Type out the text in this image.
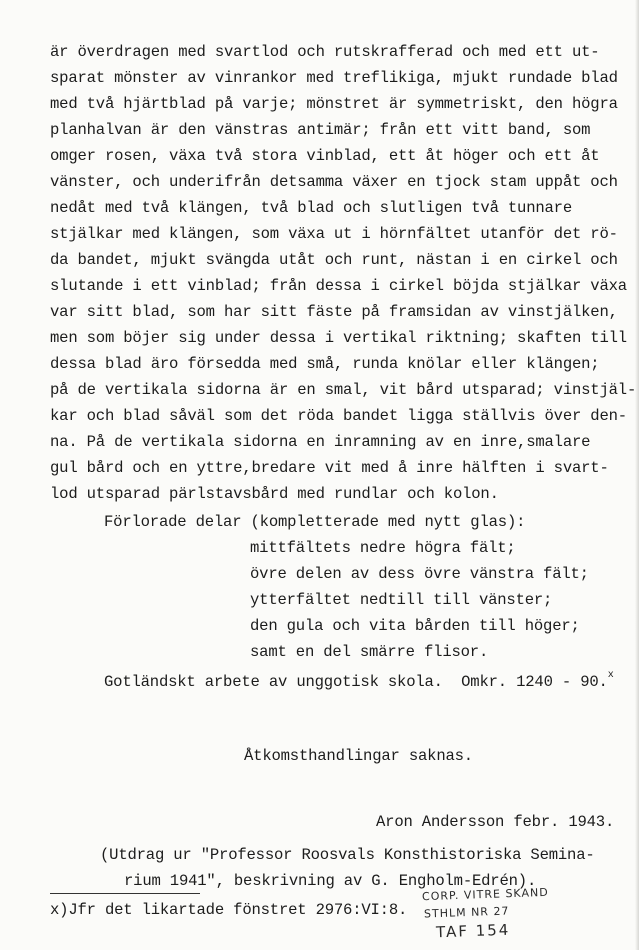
är överdragen med svartlod och rutskrafferad och med ett ut-
sparat mönster av vinrankor med treflikiga, mjukt rundade blad
med två hjärtblad på varje; mönstret är symmetriskt, den högra
planhalvan är den vänstras antimär; från ett vitt band, som
omger rosen, växa två stora vinblad, ett åt höger och ett åt
vänster, och underifrån detsamma växer en tjock stam uppåt och
nedåt med två klängen, två blad och slutligen två tunnare
stjälkar med klängen, som växa ut i hörnfältet utanför det rö-
da bandet, mjukt svängda utåt och runt, nästan i en cirkel och
slutande i ett vinblad; från dessa i cirkel böjda stjälkar växa
var sitt blad, som har sitt fäste på framsidan av vinstjälken,
men som böjer sig under dessa i vertikal riktning; skaften till
dessa blad äro försedda med små, runda knölar eller klängen;
på de vertikala sidorna är en smal, vit bård utsparad; vinstjäl-
kar och blad såväl som det röda bandet ligga ställvis över den-
na. På de vertikala sidorna en inramning av en inre,smalare
gul bård och en yttre,bredare vit med å inre hälften i svart-
lod utsparad pärlstavsbård med rundlar och kolon.
Förlorade delar (kompletterade med nytt glas):
mittfältets nedre högra fält;
övre delen av dess övre vänstra fält;
ytterfältet nedtill till vänster;
den gula och vita bården till höger;
samt en del smärre flisor.
Gotländskt arbete av unggotisk skola.  Omkr. 1240 - 90.$^x$
Åtkomsthandlingar saknas.
Aron Andersson febr. 1943.
(Utdrag ur "Professor Roosvals Konsthistoriska Semina-
rium 1941", beskrivning av G. Engholm-Edrén).
x)Jfr det likartade fönstret 2976:VI:8.
CORP. VITRE SKAND
STHLM NR 27
TAF 154
